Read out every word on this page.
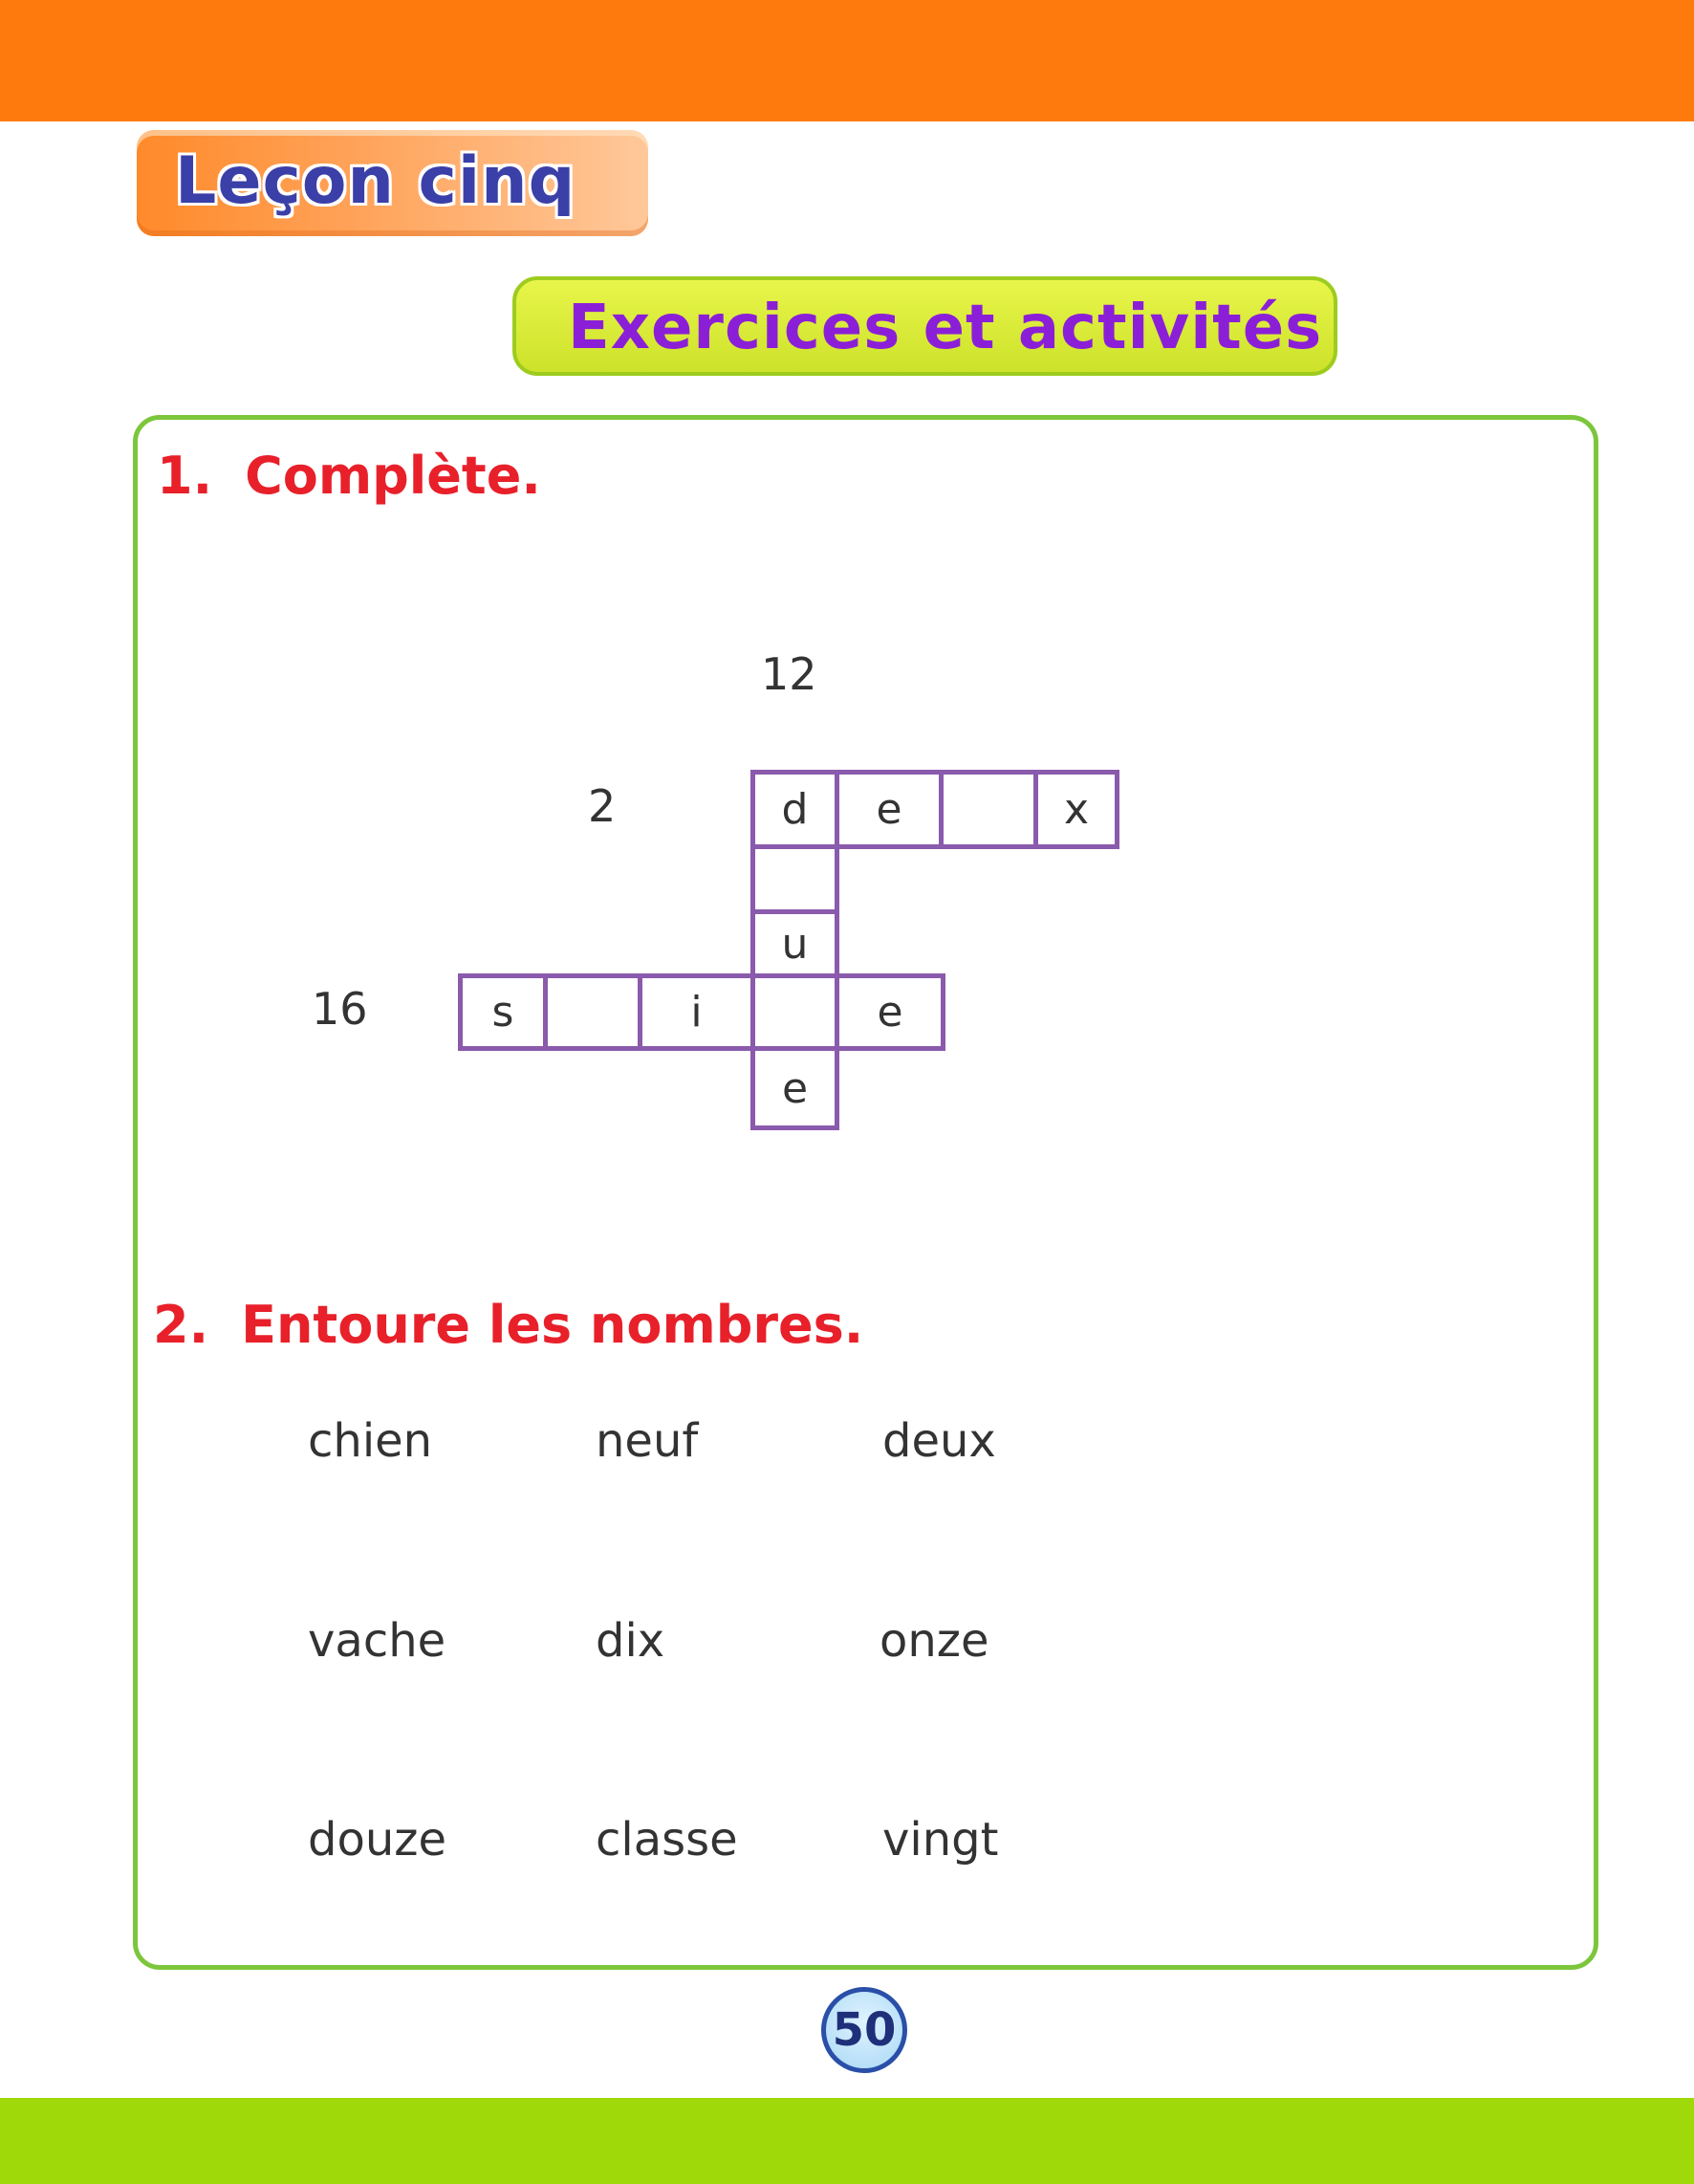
Leçon cinq
Exercices et activités
1. Complète.
12
2
16
d	e	x
u
s	i	e
e
2. Entoure les nombres.
chien	neuf	deux
vache	dix	onze
douze	classe	vingt
50
